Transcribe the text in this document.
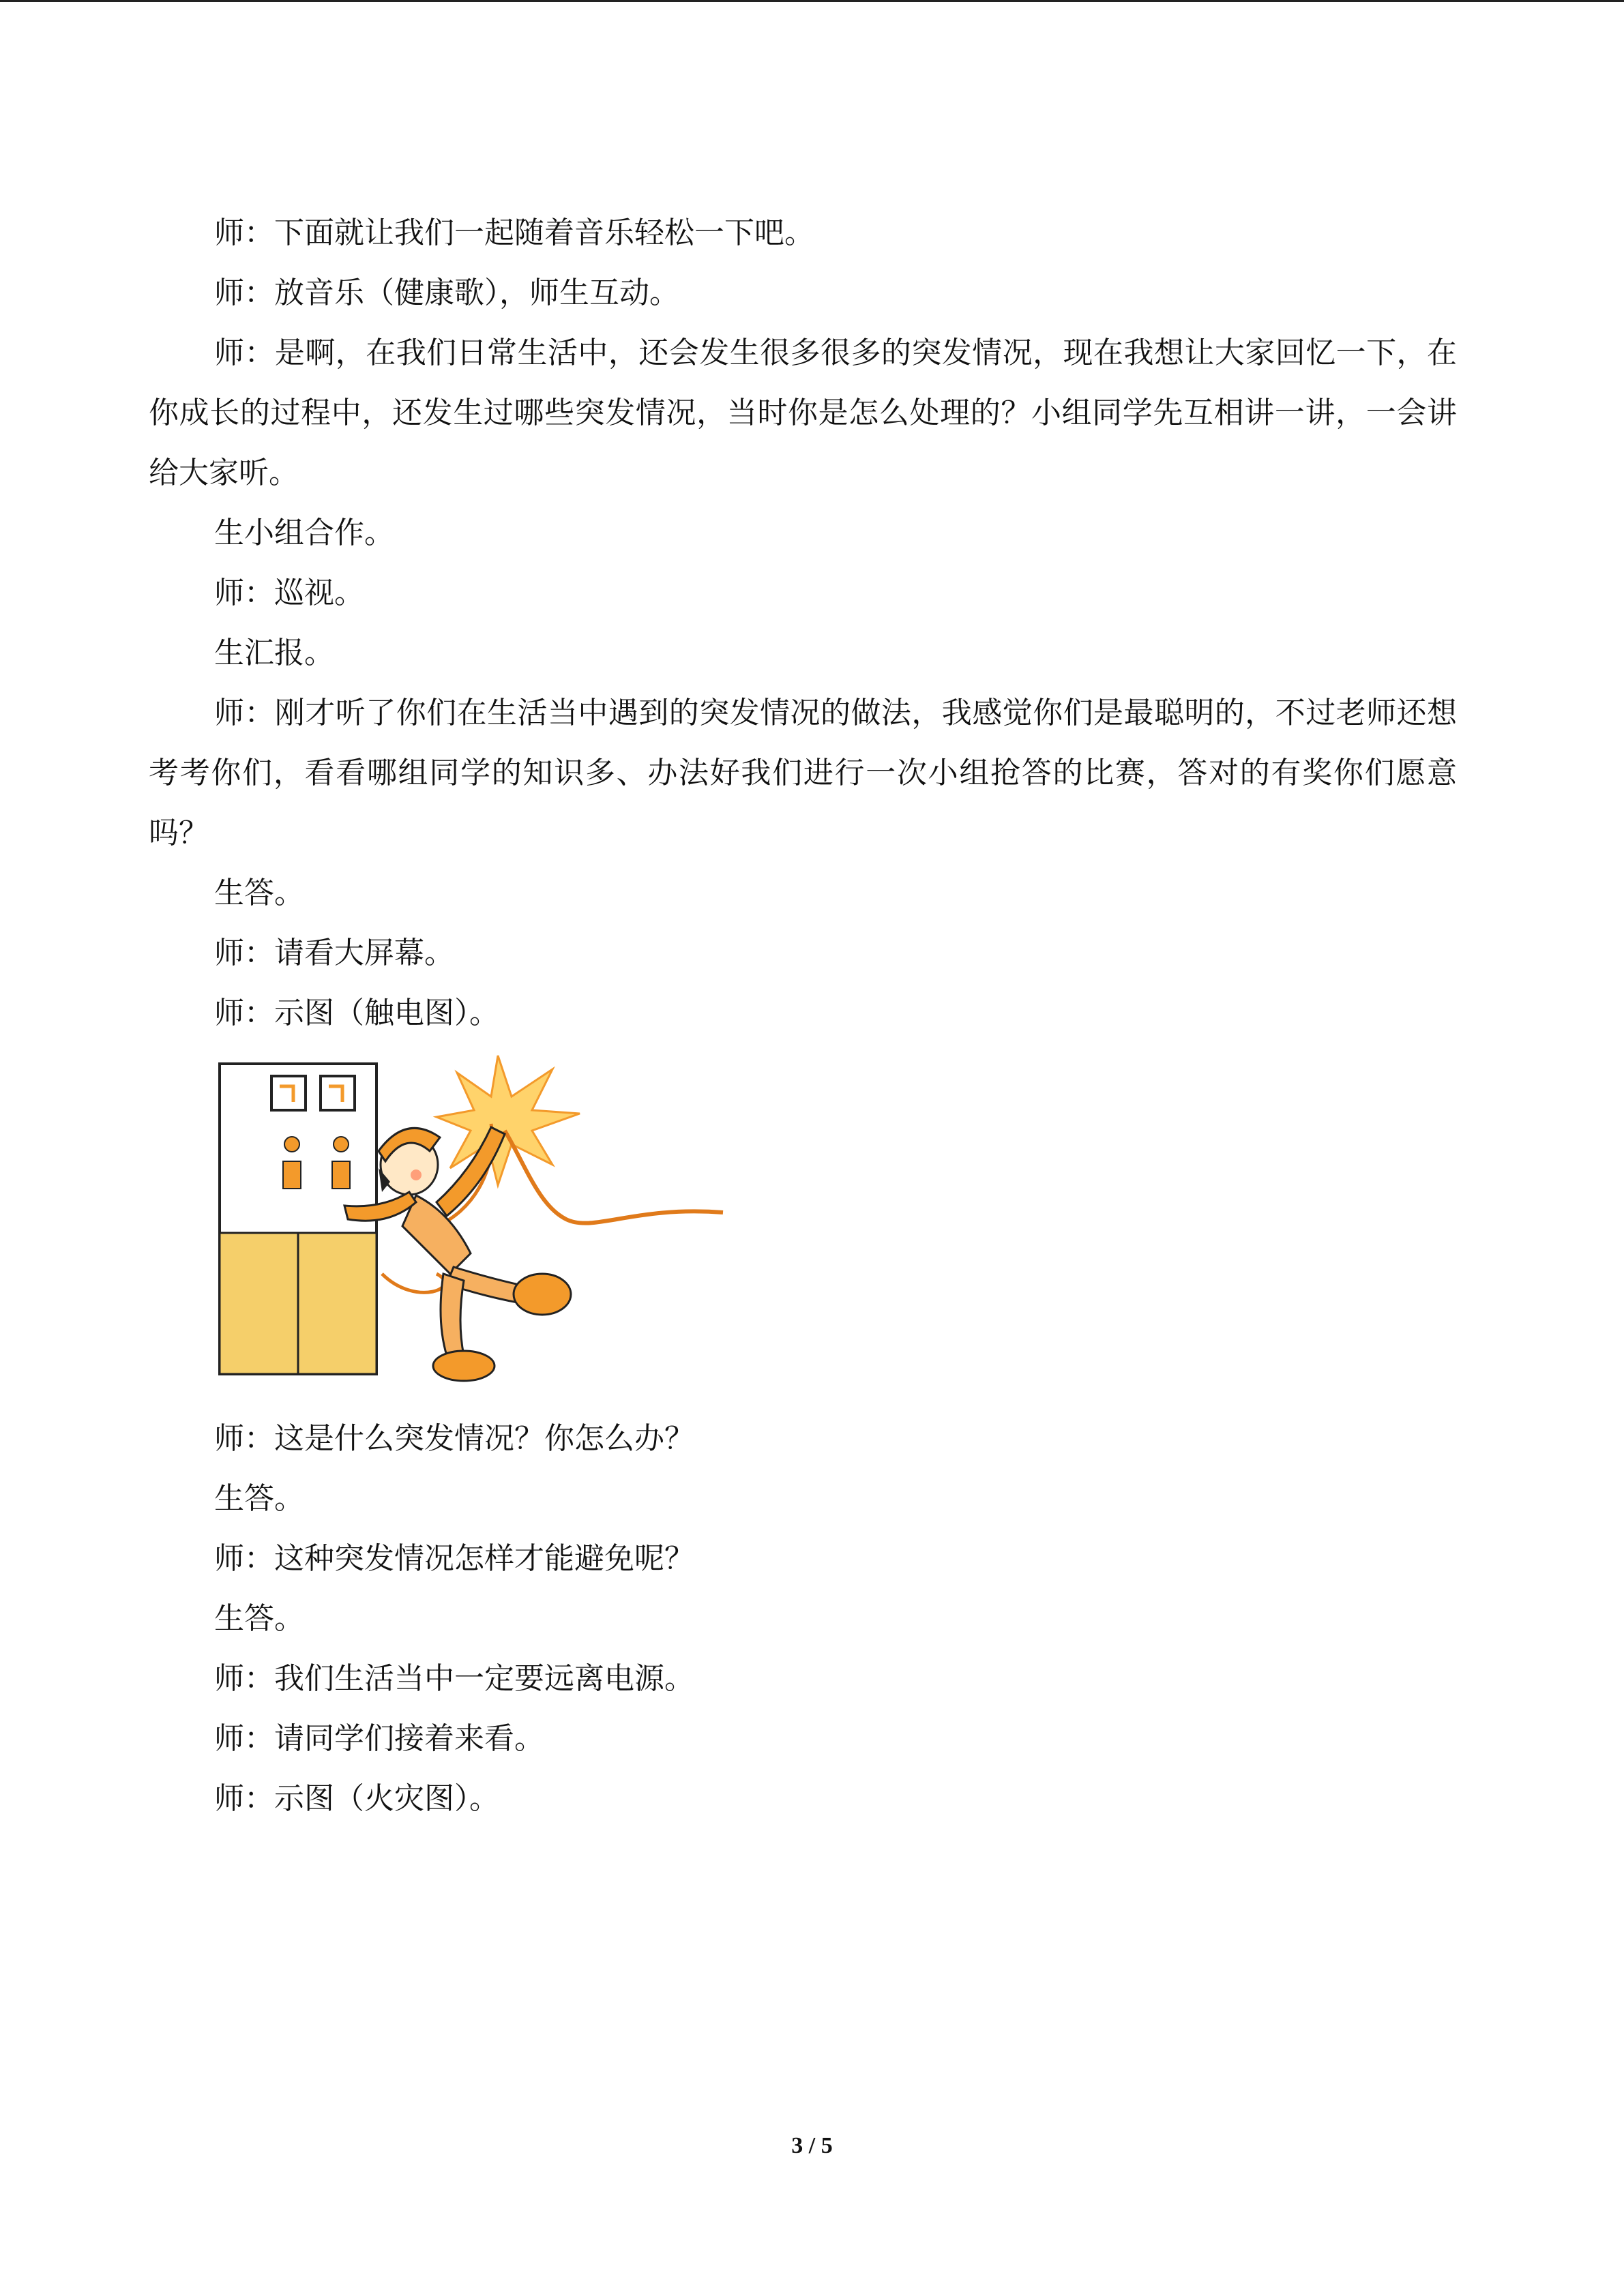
师：下面就让我们一起随着音乐轻松一下吧。

师：放音乐（健康歌），师生互动。

师：是啊，在我们日常生活中，还会发生很多很多的突发情况，现在我想让大家回忆一下，在你成长的过程中，还发生过哪些突发情况，当时你是怎么处理的？小组同学先互相讲一讲，一会讲给大家听。

生小组合作。

师：巡视。

生汇报。

师：刚才听了你们在生活当中遇到的突发情况的做法，我感觉你们是最聪明的，不过老师还想考考你们，看看哪组同学的知识多、办法好我们进行一次小组抢答的比赛，答对的有奖你们愿意吗？

生答。

师：请看大屏幕。

师：示图（触电图）。

师：这是什么突发情况？你怎么办？

生答。

师：这种突发情况怎样才能避免呢？

生答。

师：我们生活当中一定要远离电源。

师：请同学们接着来看。

师：示图（火灾图）。

3 / 5
